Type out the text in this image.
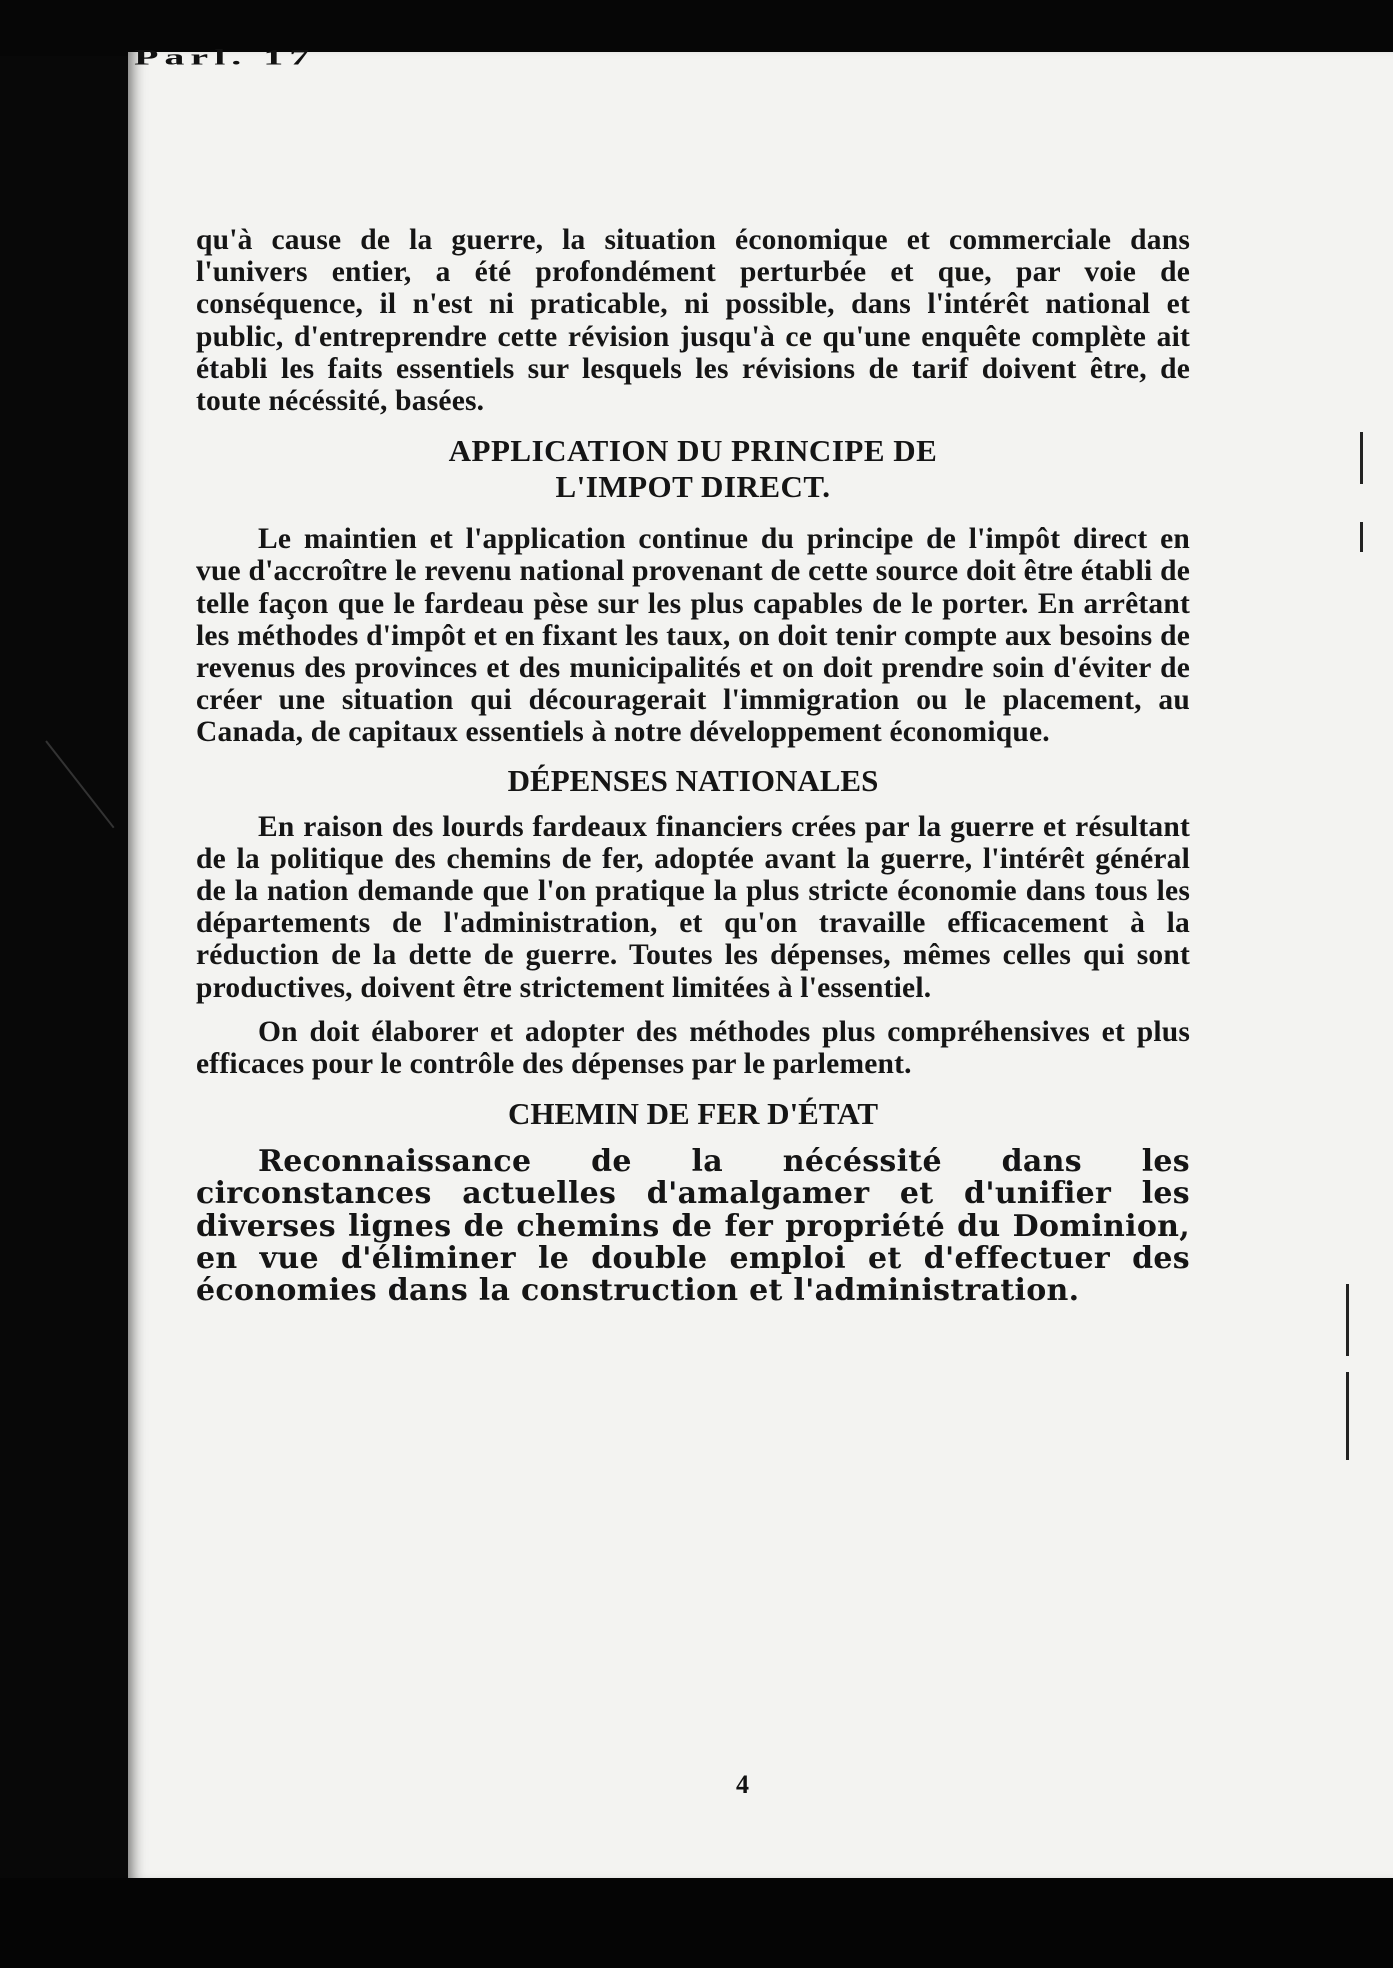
Parl. 17

qu'à cause de la guerre, la situation économique et commerciale dans l'univers entier, a été profondément perturbée et que, par voie de conséquence, il n'est ni praticable, ni possible, dans l'intérêt national et public, d'entreprendre cette révision jusqu'à ce qu'une enquête complète ait établi les faits essentiels sur lesquels les révisions de tarif doivent être, de toute nécéssité, basées.

APPLICATION DU PRINCIPE DE
L'IMPOT DIRECT.

Le maintien et l'application continue du principe de l'impôt direct en vue d'accroître le revenu national provenant de cette source doit être établi de telle façon que le fardeau pèse sur les plus capables de le porter. En arrêtant les méthodes d'impôt et en fixant les taux, on doit tenir compte aux besoins de revenus des provinces et des municipalités et on doit prendre soin d'éviter de créer une situation qui découragerait l'immigration ou le placement, au Canada, de capitaux essentiels à notre développement économique.

DÉPENSES NATIONALES

En raison des lourds fardeaux financiers crées par la guerre et résultant de la politique des chemins de fer, adoptée avant la guerre, l'intérêt général de la nation demande que l'on pratique la plus stricte économie dans tous les départements de l'administration, et qu'on travaille efficacement à la réduction de la dette de guerre. Toutes les dépenses, mêmes celles qui sont productives, doivent être strictement limitées à l'essentiel.

On doit élaborer et adopter des méthodes plus compréhensives et plus efficaces pour le contrôle des dépenses par le parlement.

CHEMIN DE FER D'ÉTAT

Reconnaissance de la nécéssité dans les circonstances actuelles d'amalgamer et d'unifier les diverses lignes de chemins de fer propriété du Dominion, en vue d'éliminer le double emploi et d'effectuer des économies dans la construction et l'administration.

4
